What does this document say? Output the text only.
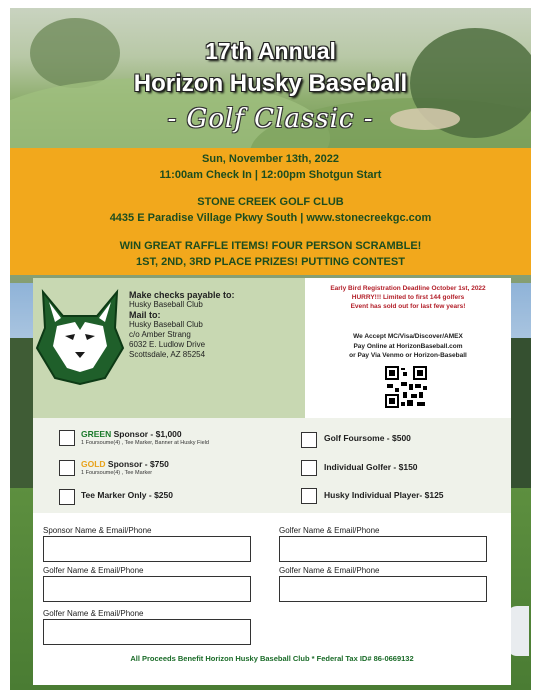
17th Annual
Horizon Husky Baseball
- Golf Classic -
Sun, November 13th, 2022
11:00am Check In | 12:00pm Shotgun Start
STONE CREEK GOLF CLUB
4435 E Paradise Village Pkwy South | www.stonecreekgc.com
WIN GREAT RAFFLE ITEMS! FOUR PERSON SCRAMBLE!
1ST, 2ND, 3RD PLACE PRIZES! PUTTING CONTEST
Make checks payable to:
Husky Baseball Club
Mail to:
Husky Baseball Club
c/o Amber Strang
6032 E. Ludlow Drive
Scottsdale, AZ 85254
Early Bird Registration Deadline October 1st, 2022
HURRY!!! Limited to first 144 golfers
Event has sold out for last few years!
We Accept MC/Visa/Discover/AMEX
Pay Online at HorizonBaseball.com
or Pay Via Venmo or Horizon-Baseball
GREEN Sponsor - $1,000
1 Foursoume(4) , Tee Marker, Banner at Husky Field
GOLD Sponsor - $750
1 Foursoume(4) , Tee Marker
Tee Marker Only - $250
Golf Foursome - $500
Individual Golfer - $150
Husky Individual Player- $125
Sponsor Name & Email/Phone	Golfer Name & Email/Phone
Golfer Name & Email/Phone	Golfer Name & Email/Phone
Golfer Name & Email/Phone
All Proceeds Benefit Horizon Husky Baseball Club * Federal Tax ID# 86-0669132
